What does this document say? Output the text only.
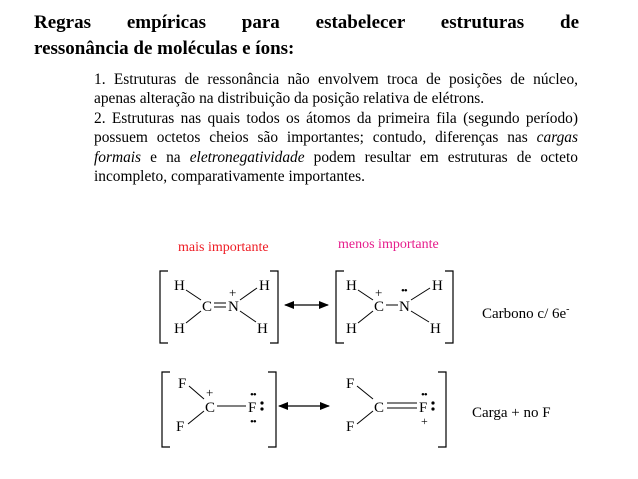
Regras empíricas para estabelecer estruturas de
ressonância de moléculas e íons:

1. Estruturas de ressonância não envolvem troca de posições de núcleo, apenas alteração na distribuição da posição relativa de elétrons.

2. Estruturas nas quais todos os átomos da primeira fila (segundo período) possuem octetos cheios são importantes; contudo, diferenças nas cargas formais e na eletronegatividade podem resultar em estruturas de octeto incompleto, comparativamente importantes.

mais importante	menos importante
Carbono c/ 6e-
Carga + no F
H
H
H
H
C N
+	H
H
H
H
C N
+ ••
F
F
C
+
F
••
••
F
F
C F
••
+
